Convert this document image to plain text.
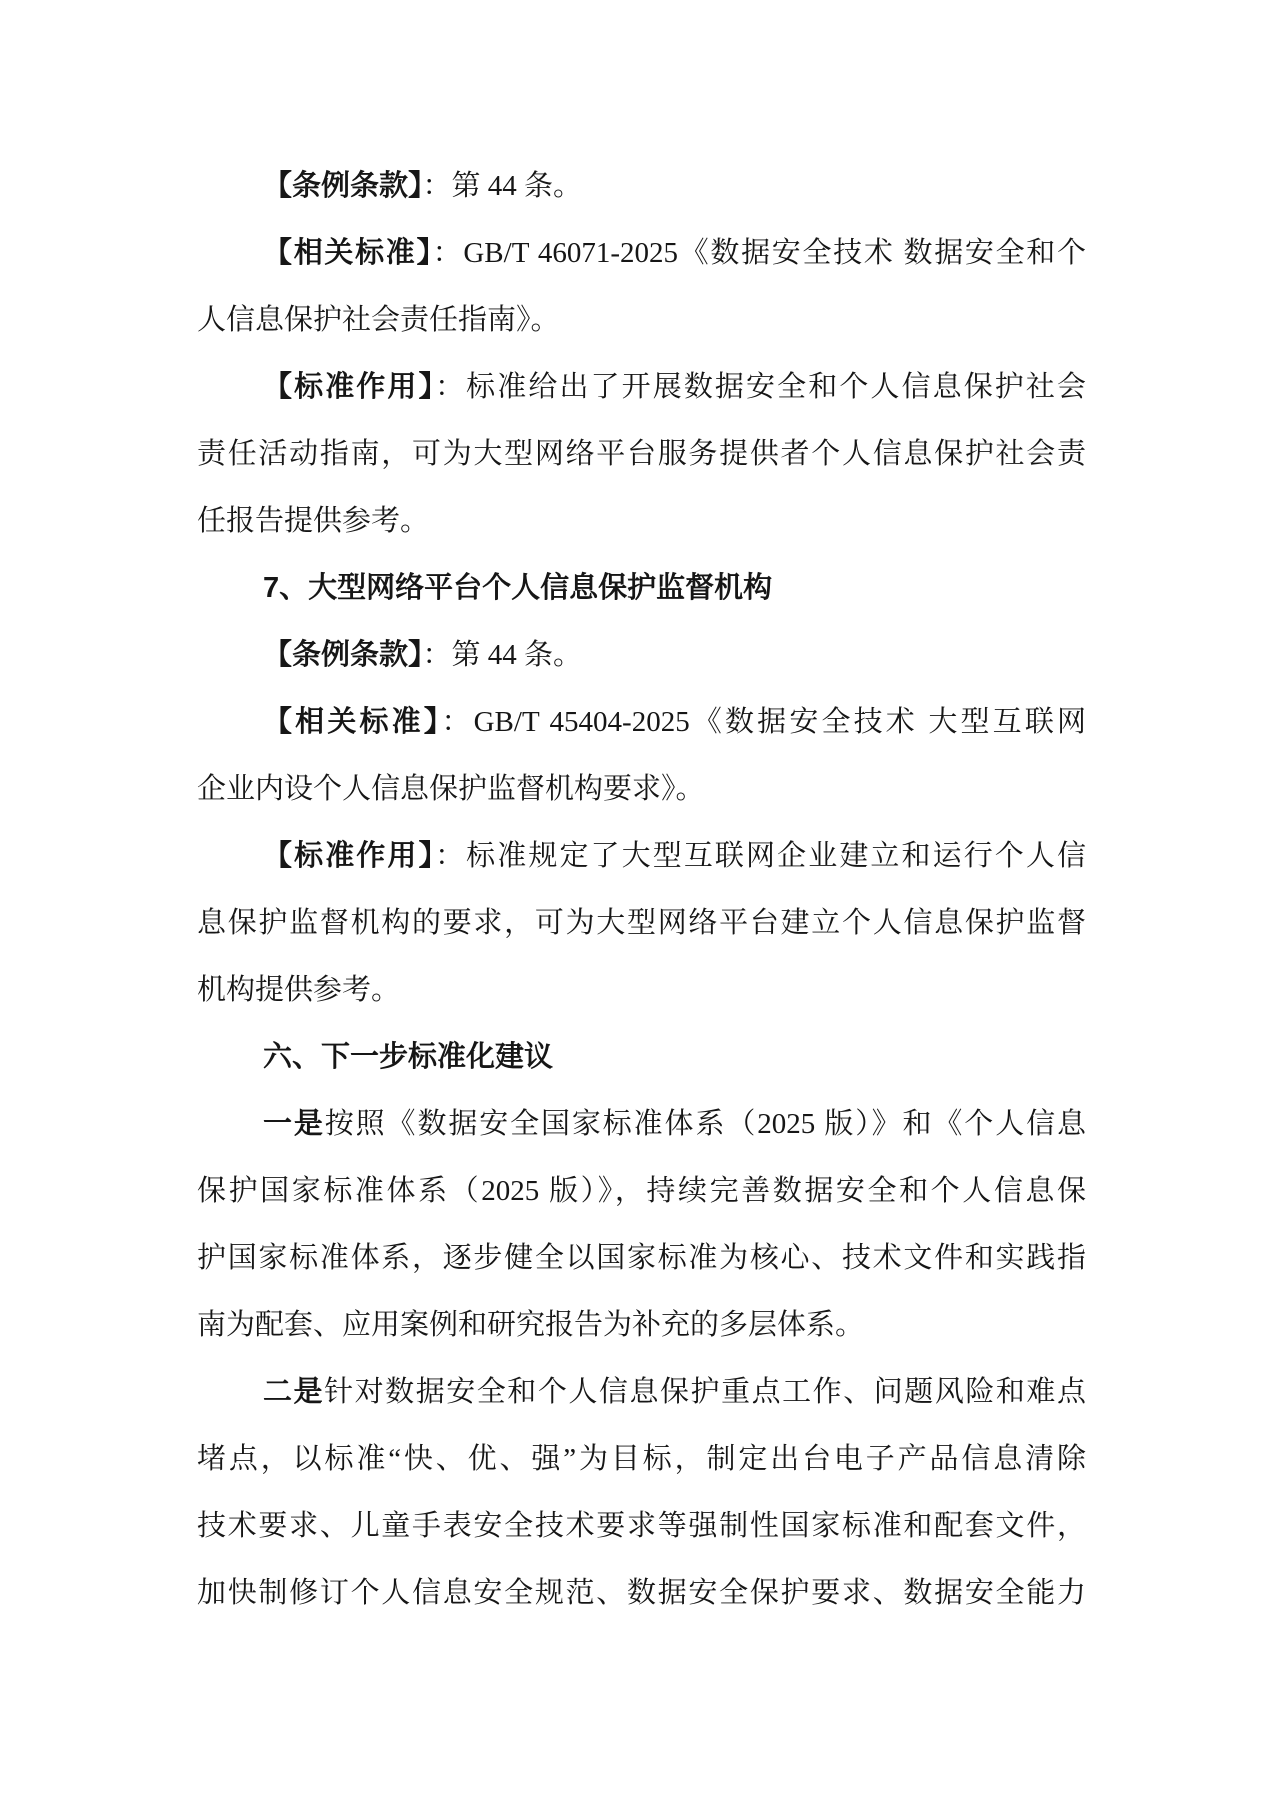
【条例条款】：第 44 条。
【相关标准】：GB/T 46071-2025《数据安全技术 数据安全和个
人信息保护社会责任指南》。
【标准作用】：标准给出了开展数据安全和个人信息保护社会
责任活动指南，可为大型网络平台服务提供者个人信息保护社会责
任报告提供参考。
7、大型网络平台个人信息保护监督机构
【条例条款】：第 44 条。
【相关标准】：GB/T 45404-2025《数据安全技术 大型互联网
企业内设个人信息保护监督机构要求》。
【标准作用】：标准规定了大型互联网企业建立和运行个人信
息保护监督机构的要求，可为大型网络平台建立个人信息保护监督
机构提供参考。
六、下一步标准化建议
一是按照《数据安全国家标准体系（2025 版）》和《个人信息
保护国家标准体系（2025 版）》，持续完善数据安全和个人信息保
护国家标准体系，逐步健全以国家标准为核心、技术文件和实践指
南为配套、应用案例和研究报告为补充的多层体系。
二是针对数据安全和个人信息保护重点工作、问题风险和难点
堵点，以标准“快、优、强”为目标，制定出台电子产品信息清除
技术要求、儿童手表安全技术要求等强制性国家标准和配套文件，
加快制修订个人信息安全规范、数据安全保护要求、数据安全能力
